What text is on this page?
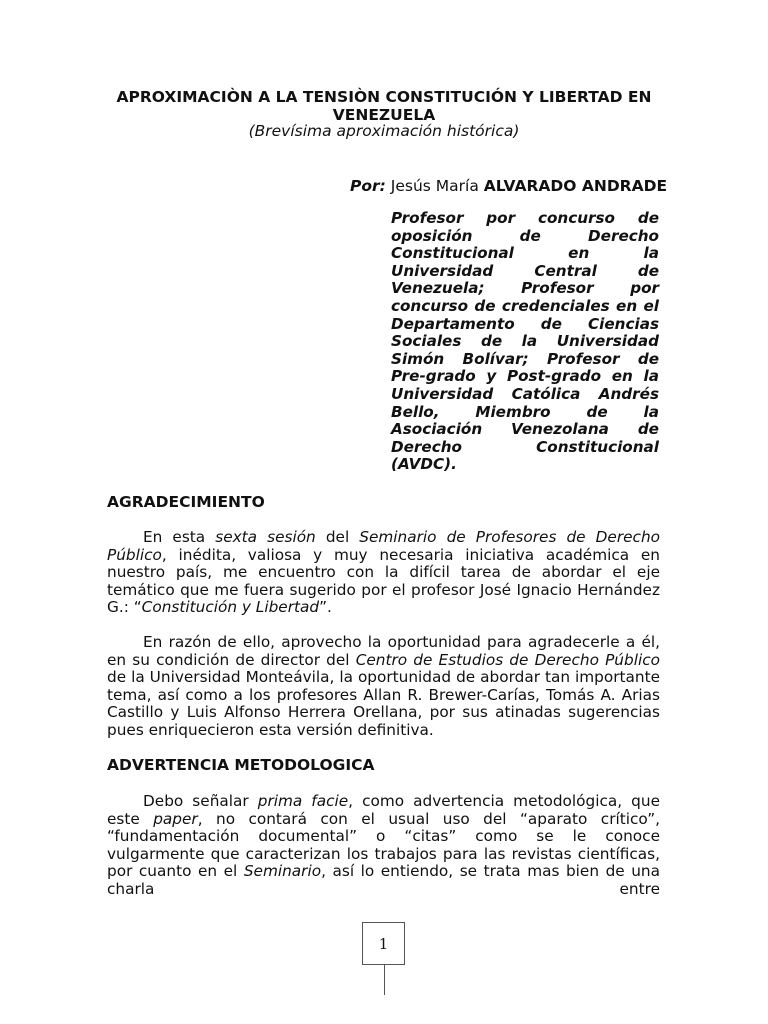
APROXIMACIÒN A LA TENSIÒN CONSTITUCIÓN Y LIBERTAD EN VENEZUELA
(Brevísima aproximación histórica)
Por: Jesús María ALVARADO ANDRADE
Profesor por concurso de oposición de Derecho Constitucional en la Universidad Central de Venezuela; Profesor por concurso de credenciales en el Departamento de Ciencias Sociales de la Universidad Simón Bolívar; Profesor de Pre-grado y Post-grado en la Universidad Católica Andrés Bello, Miembro de la Asociación Venezolana de Derecho Constitucional (AVDC).
AGRADECIMIENTO
En esta sexta sesión del Seminario de Profesores de Derecho Público, inédita, valiosa y muy necesaria iniciativa académica en nuestro país, me encuentro con la difícil tarea de abordar el eje temático que me fuera sugerido por el profesor José Ignacio Hernández G.: “Constitución y Libertad”.
En razón de ello, aprovecho la oportunidad para agradecerle a él, en su condición de director del Centro de Estudios de Derecho Público de la Universidad Monteávila, la oportunidad de abordar tan importante tema, así como a los profesores Allan R. Brewer-Carías, Tomás A. Arias Castillo y Luis Alfonso Herrera Orellana, por sus atinadas sugerencias pues enriquecieron esta versión definitiva.
ADVERTENCIA METODOLOGICA
Debo señalar prima facie, como advertencia metodológica, que este paper, no contará con el usual uso del “aparato crítico”, “fundamentación documental” o “citas” como se le conoce vulgarmente que caracterizan los trabajos para las revistas científicas, por cuanto en el Seminario, así lo entiendo, se trata mas bien de una charla entre
1
